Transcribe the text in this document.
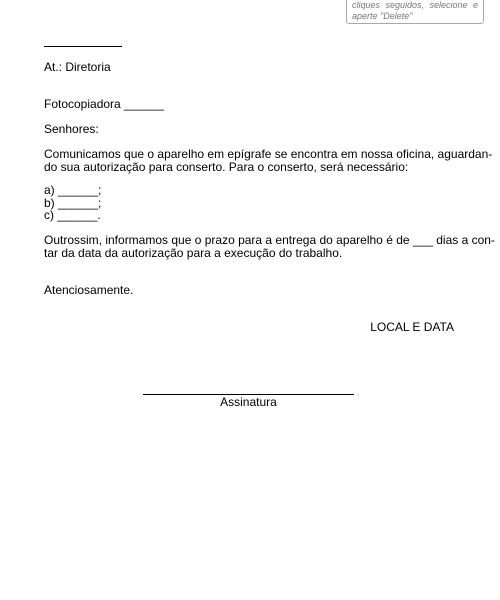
cliques seguidos, selecione e
aperte "Delete"
At.: Diretoria
Fotocopiadora ______
Senhores:
Comunicamos que o aparelho em epígrafe se encontra em nossa oficina, aguardan-
do sua autorização para conserto. Para o conserto, será necessário:
a) ______;
b) ______;
c) ______.
Outrossim, informamos que o prazo para a entrega do aparelho é de ___ dias a con-
tar da data da autorização para a execução do trabalho.
Atenciosamente.
LOCAL E DATA
Assinatura
